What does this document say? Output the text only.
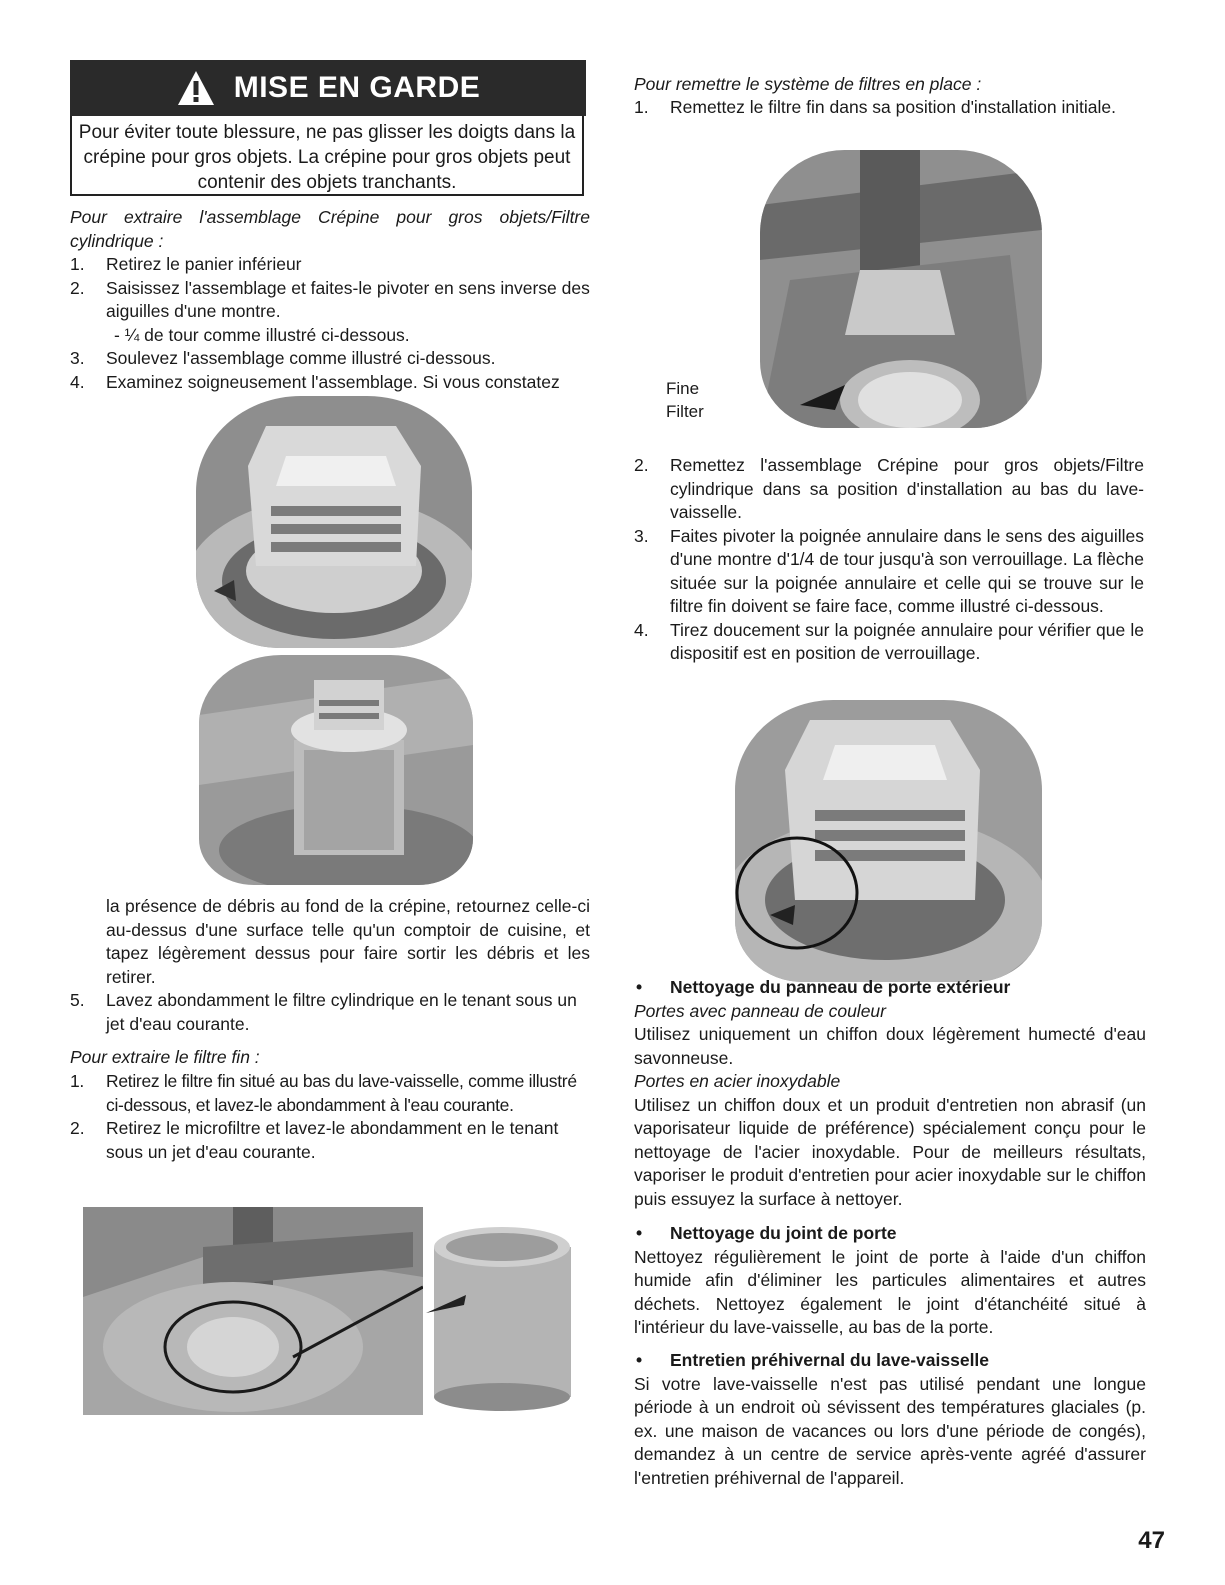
MISE EN GARDE
Pour éviter toute blessure, ne pas glisser les doigts dans la crépine pour gros objets. La crépine pour gros objets peut contenir des objets tranchants.
Pour extraire l'assemblage Crépine pour gros objets/Filtre cylindrique :
1. Retirez le panier inférieur
2. Saisissez l'assemblage et faites-le pivoter en sens inverse des aiguilles d'une montre.
- ¼ de tour comme illustré ci-dessous.
3. Soulevez l'assemblage comme illustré ci-dessous.
4. Examinez soigneusement l'assemblage. Si vous constatez
la présence de débris au fond de la crépine, retournez celle-ci au-dessus d'une surface telle qu'un comptoir de cuisine, et tapez légèrement dessus pour faire sortir les débris et les retirer.
5. Lavez abondamment le filtre cylindrique en le tenant sous un jet d'eau courante.
Pour extraire le filtre fin :
1. Retirez le filtre fin situé au bas du lave-vaisselle, comme illustré ci-dessous, et lavez-le abondamment à l'eau courante.
2. Retirez le microfiltre et lavez-le abondamment en le tenant sous un jet d'eau courante.
Pour remettre le système de filtres en place :
1. Remettez le filtre fin dans sa position d'installation initiale.
Fine
Filter
2. Remettez l'assemblage Crépine pour gros objets/Filtre cylindrique dans sa position d'installation au bas du lave-vaisselle.
3. Faites pivoter la poignée annulaire dans le sens des aiguilles d'une montre d'1/4 de tour jusqu'à son verrouillage. La flèche située sur la poignée annulaire et celle qui se trouve sur le filtre fin doivent se faire face, comme illustré ci-dessous.
4. Tirez doucement sur la poignée annulaire pour vérifier que le dispositif est en position de verrouillage.
• Nettoyage du panneau de porte extérieur
Portes avec panneau de couleur
Utilisez uniquement un chiffon doux légèrement humecté d'eau savonneuse.
Portes en acier inoxydable
Utilisez un chiffon doux et un produit d'entretien non abrasif (un vaporisateur liquide de préférence) spécialement conçu pour le nettoyage de l'acier inoxydable. Pour de meilleurs résultats, vaporiser le produit d'entretien pour acier inoxydable sur le chiffon puis essuyez la surface à nettoyer.
• Nettoyage du joint de porte
Nettoyez régulièrement le joint de porte à l'aide d'un chiffon humide afin d'éliminer les particules alimentaires et autres déchets. Nettoyez également le joint d'étanchéité situé à l'intérieur du lave-vaisselle, au bas de la porte.
• Entretien préhivernal du lave-vaisselle
Si votre lave-vaisselle n'est pas utilisé pendant une longue période à un endroit où sévissent des températures glaciales (p. ex. une maison de vacances ou lors d'une période de congés), demandez à un centre de service après-vente agréé d'assurer l'entretien préhivernal de l'appareil.
47
